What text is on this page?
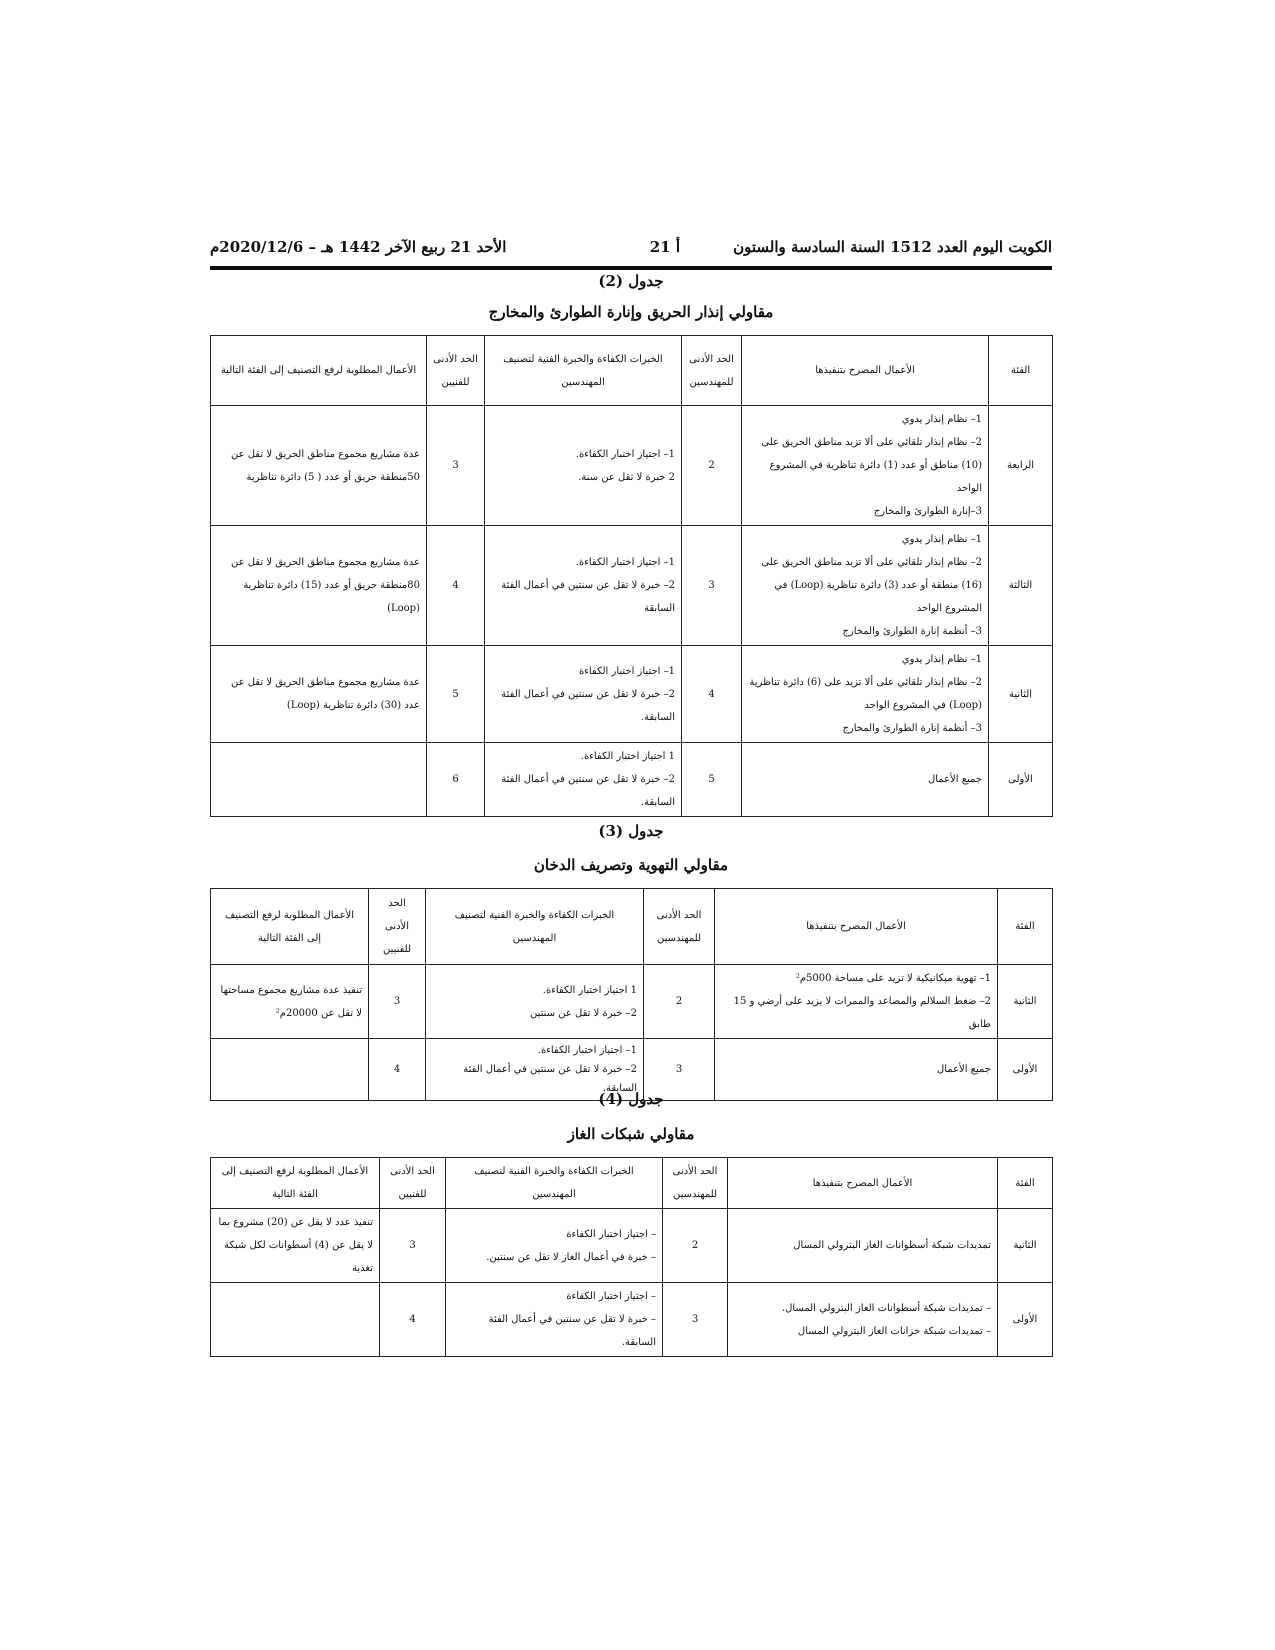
الكويت اليوم العدد 1512 السنة السادسة والستون
أ 21
الأحد 21 ربيع الآخر 1442 هـ – 2020/12/6م
جدول (2)
مقاولي إنذار الحريق وإنارة الطوارئ والمخارج
الفئة	الأعمال المصرح بتنفيذها	الحد الأدنى للمهندسين	الخبرات الكفاءة والخبرة الفنية لتصنيف المهندسين	الحد الأدنى للفنيين	الأعمال المطلوبة لرفع التصنيف إلى الفئة التالية
الرابعة	1– نظام إنذار يدوي
2– نظام إنذار تلقائي على ألا تزيد مناطق الحريق على (10) مناطق أو عدد (1) دائرة تناظرية في المشروع الواحد
3–إنارة الطوارئ والمخارج	2	1– اجتياز اختبار الكفاءة.
2 خبرة لا تقل عن سنة.	3	عدة مشاريع مجموع مناطق الحريق لا تقل عن 50منطقة حريق أو عدد ( 5) دائرة تناظرية
الثالثة	1– نظام إنذار يدوي
2– نظام إنذار تلقائي على ألا تزيد مناطق الحريق على (16) منطقة أو عدد (3) دائرة تناظرية (Loop) في المشروع الواحد
3– أنظمة إنارة الطوارئ والمخارج	3	1– اجتياز اختبار الكفاءة.
2– خبرة لا تقل عن سنتين في أعمال الفئة السابقة	4	عدة مشاريع مجموع مناطق الحريق لا تقل عن 80منطقة حريق أو عدد (15) دائرة تناظرية (Loop)
الثانية	1– نظام إنذار يدوي
2– نظام إنذار تلقائي على ألا تزيد على (6) دائرة تناظرية (Loop) في المشروع الواحد
3– أنظمة إنارة الطوارئ والمخارج	4	1– اجتياز اختبار الكفاءة
2– خبرة لا تقل عن سنتين في أعمال الفئة السابقة.	5	عدة مشاريع مجموع مناطق الحريق لا تقل عن عدد (30) دائرة تناظرية (Loop)
الأولى	جميع الأعمال	5	1 اجتياز اختبار الكفاءة.
2– خبرة لا تقل عن سنتين في أعمال الفئة السابقة.	6	
جدول (3)
مقاولي التهوية وتصريف الدخان
الفئة	الأعمال المصرح بتنفيذها	الحد الأدنى للمهندسين	الخبرات الكفاءة والخبرة الفنية لتصنيف المهندسين	الحد الأدنى للفنيين	الأعمال المطلوبة لرفع التصنيف إلى الفئة التالية
الثانية	1– تهوية ميكانيكية لا تزيد على مساحة 5000م²
2– ضغط السلالم والمصاعد والممرات لا يزيد على أرضي و 15 طابق	2	1 اجتياز اختبار الكفاءة.
2– خبرة لا تقل عن سنتين	3	تنفيذ عدة مشاريع مجموع مساحتها لا تقل عن 20000م²
الأولى	جميع الأعمال	3	1– اجتياز اختبار الكفاءة.
2– خبرة لا تقل عن سنتين في أعمال الفئة السابقة.	4	
جدول (4)
مقاولي شبكات الغاز
الفئة	الأعمال المصرح بتنفيذها	الحد الأدنى للمهندسين	الخبرات الكفاءة والخبرة الفنية لتصنيف المهندسين	الحد الأدنى للفنيين	الأعمال المطلوبة لرفع التصنيف إلى الفئة التالية
الثانية	تمديدات شبكة أسطوانات الغاز البترولي المسال	2	– اجتياز اختبار الكفاءة
– خبرة في أعمال الغاز لا تقل عن سنتين.	3	تنفيذ عدد لا يقل عن (20) مشروع بما لا يقل عن (4) أسطوانات لكل شبكة تغذية
الأولى	– تمديدات شبكة أسطوانات الغاز البترولي المسال.
– تمديدات شبكة خزانات الغاز البترولي المسال	3	– اجتياز اختبار الكفاءة
– خبرة لا تقل عن سنتين في أعمال الفئة السابقة.	4	
